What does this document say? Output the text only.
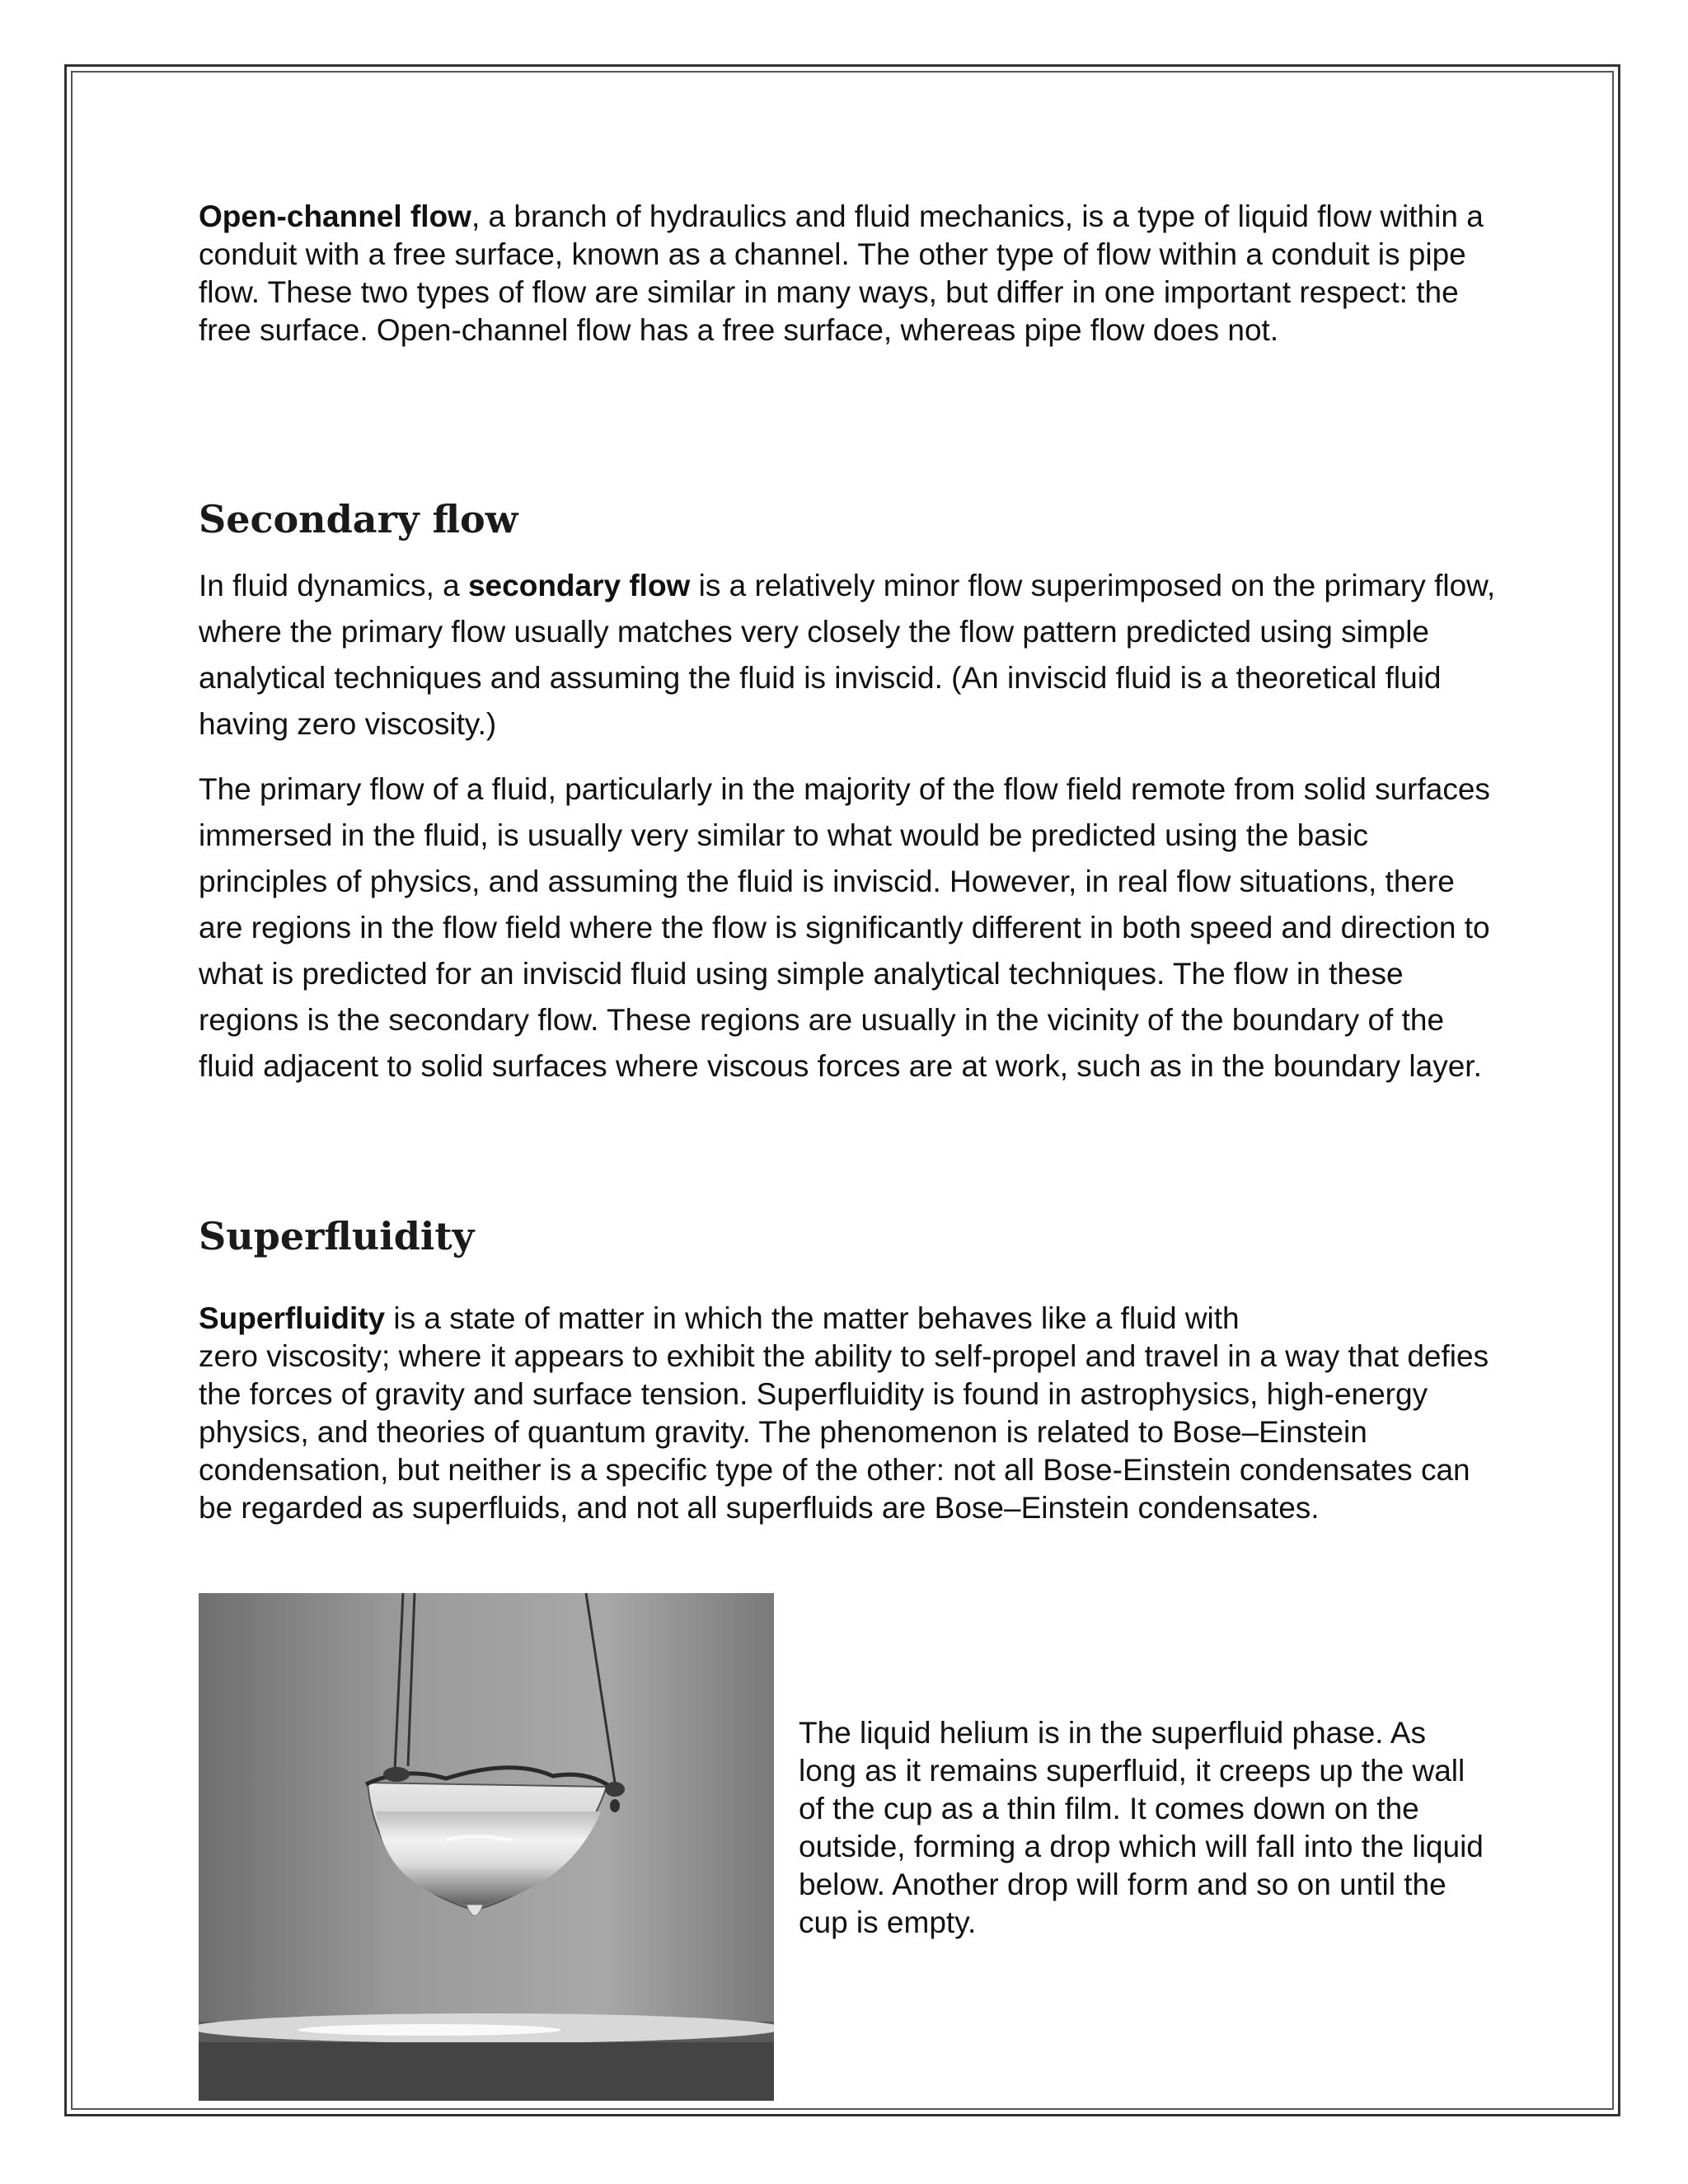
Open-channel flow, a branch of hydraulics and fluid mechanics, is a type of liquid flow within a conduit with a free surface, known as a channel. The other type of flow within a conduit is pipe flow. These two types of flow are similar in many ways, but differ in one important respect: the free surface. Open-channel flow has a free surface, whereas pipe flow does not.

Secondary flow

In fluid dynamics, a secondary flow is a relatively minor flow superimposed on the primary flow, where the primary flow usually matches very closely the flow pattern predicted using simple analytical techniques and assuming the fluid is inviscid. (An inviscid fluid is a theoretical fluid having zero viscosity.)

The primary flow of a fluid, particularly in the majority of the flow field remote from solid surfaces immersed in the fluid, is usually very similar to what would be predicted using the basic principles of physics, and assuming the fluid is inviscid. However, in real flow situations, there are regions in the flow field where the flow is significantly different in both speed and direction to what is predicted for an inviscid fluid using simple analytical techniques. The flow in these regions is the secondary flow. These regions are usually in the vicinity of the boundary of the fluid adjacent to solid surfaces where viscous forces are at work, such as in the boundary layer.

Superfluidity

Superfluidity is a state of matter in which the matter behaves like a fluid with
zero viscosity; where it appears to exhibit the ability to self-propel and travel in a way that defies the forces of gravity and surface tension. Superfluidity is found in astrophysics, high-energy physics, and theories of quantum gravity. The phenomenon is related to Bose–Einstein condensation, but neither is a specific type of the other: not all Bose-Einstein condensates can be regarded as superfluids, and not all superfluids are Bose–Einstein condensates.

The liquid helium is in the superfluid phase. As long as it remains superfluid, it creeps up the wall of the cup as a thin film. It comes down on the outside, forming a drop which will fall into the liquid below. Another drop will form and so on until the cup is empty.
